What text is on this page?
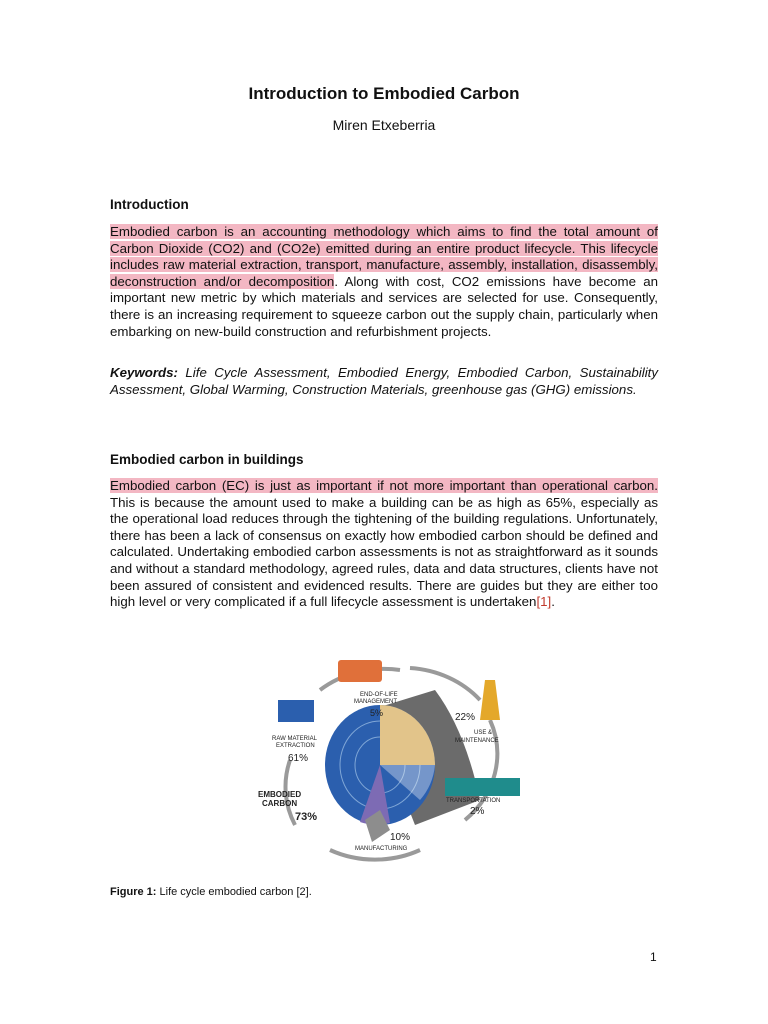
Introduction to Embodied Carbon
Miren Etxeberria
Introduction
Embodied carbon is an accounting methodology which aims to find the total amount of Carbon Dioxide (CO2) and (CO2e) emitted during an entire product lifecycle. This lifecycle includes raw material extraction, transport, manufacture, assembly, installation, disassembly, deconstruction and/or decomposition. Along with cost, CO2 emissions have become an important new metric by which materials and services are selected for use. Consequently, there is an increasing requirement to squeeze carbon out the supply chain, particularly when embarking on new-build construction and refurbishment projects.
Keywords: Life Cycle Assessment, Embodied Energy, Embodied Carbon, Sustainability Assessment, Global Warming, Construction Materials, greenhouse gas (GHG) emissions.
Embodied carbon in buildings
Embodied carbon (EC) is just as important if not more important than operational carbon. This is because the amount used to make a building can be as high as 65%, especially as the operational load reduces through the tightening of the building regulations. Unfortunately, there has been a lack of consensus on exactly how embodied carbon should be defined and calculated. Undertaking embodied carbon assessments is not as straightforward as it sounds and without a standard methodology, agreed rules, data and data structures, clients have not been assured of consistent and evidenced results. There are guides but they are either too high level or very complicated if a full lifecycle assessment is undertaken[1].
END-OF-LIFE
MANAGEMENT
5%	22%
USE &
MAINTENANCE
RAW MATERIAL
EXTRACTION
61%
EMBODIED
CARBON
73%
TRANSPORTATION
2%
10%
MANUFACTURING
Figure 1: Life cycle embodied carbon [2].
1
